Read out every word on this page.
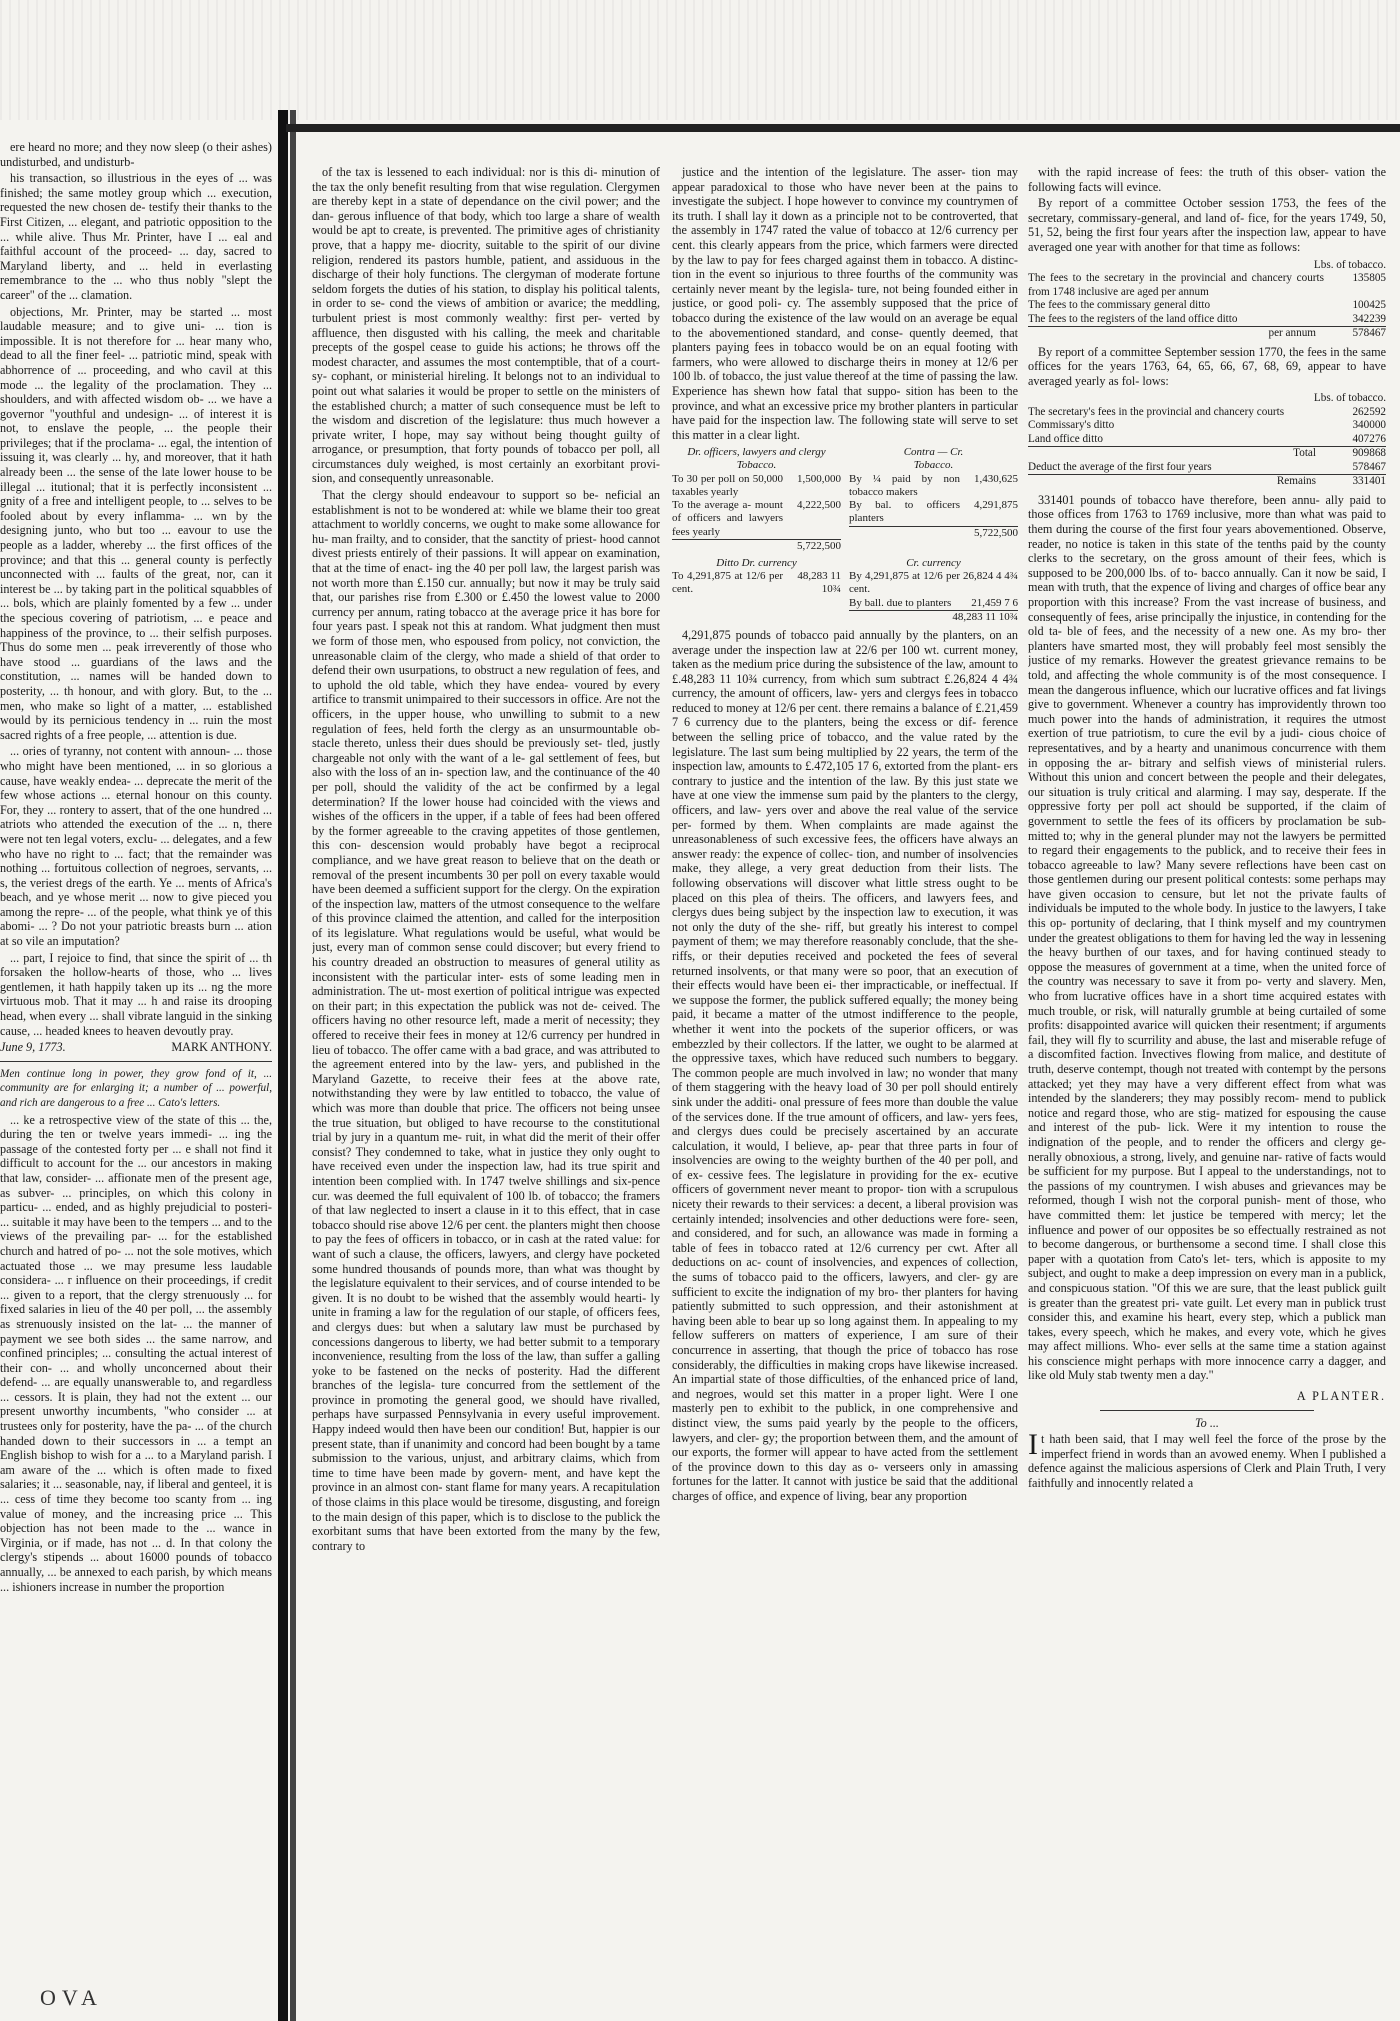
ere heard no more; and they now sleep (o their ashes) undisturbed, and undisturb-

his transaction, so illustrious in the eyes of ... was finished; the same motley group which ... execution, requested the new chosen de- testify their thanks to the First Citizen, ... elegant, and patriotic opposition to the ... while alive. Thus Mr. Printer, have I ... eal and faithful account of the proceed- ... day, sacred to Maryland liberty, and ... held in everlasting remembrance to the ... who thus nobly "slept the career" of the ... clamation.

objections, Mr. Printer, may be started ... most laudable measure; and to give uni- ... tion is impossible. It is not therefore for ... hear many who, dead to all the finer feel- ... patriotic mind, speak with abhorrence of ... proceeding, and who cavil at this mode ... the legality of the proclamation. They ... shoulders, and with affected wisdom ob- ... we have a governor "youthful and undesign- ... of interest it is not, to enslave the people, ... the people their privileges; that if the proclama- ... egal, the intention of issuing it, was clearly ... hy, and moreover, that it hath already been ... the sense of the late lower house to be illegal ... itutional; that it is perfectly inconsistent ... gnity of a free and intelligent people, to ... selves to be fooled about by every inflamma- ... wn by the designing junto, who but too ... eavour to use the people as a ladder, whereby ... the first offices of the province; and that this ... general county is perfectly unconnected with ... faults of the great, nor, can it interest be ... by taking part in the political squabbles of ... bols, which are plainly fomented by a few ... under the specious covering of patriotism, ... e peace and happiness of the province, to ... their selfish purposes. Thus do some men ... peak irreverently of those who have stood ... guardians of the laws and the constitution, ... names will be handed down to posterity, ... th honour, and with glory. But, to the ... men, who make so light of a matter, ... established would by its pernicious tendency in ... ruin the most sacred rights of a free people, ... attention is due.

... ories of tyranny, not content with announ- ... those who might have been mentioned, ... in so glorious a cause, have weakly endea- ... deprecate the merit of the few whose actions ... eternal honour on this county. For, they ... rontery to assert, that of the one hundred ... atriots who attended the execution of the ... n, there were not ten legal voters, exclu- ... delegates, and a few who have no right to ... fact; that the remainder was nothing ... fortuitous collection of negroes, servants, ... s, the veriest dregs of the earth. Ye ... ments of Africa's beach, and ye whose merit ... now to give pieced you among the repre- ... of the people, what think ye of this abomi- ... ? Do not your patriotic breasts burn ... ation at so vile an imputation?

... part, I rejoice to find, that since the spirit of ... th forsaken the hollow-hearts of those, who ... lives gentlemen, it hath happily taken up its ... ng the more virtuous mob. That it may ... h and raise its drooping head, when every ... shall vibrate languid in the sinking cause, ... headed knees to heaven devoutly pray.

June 9, 1773.	MARK ANTHONY.

Men continue long in power, they grow fond of it, ... community are for enlarging it; a number of ... powerful, and rich are dangerous to a free ... Cato's letters.

... ke a retrospective view of the state of this ... the, during the ten or twelve years immedi- ... ing the passage of the contested forty per ... e shall not find it difficult to account for the ... our ancestors in making that law, consider- ... affionate men of the present age, as subver- ... principles, on which this colony in particu- ... ended, and as highly prejudicial to posteri- ... suitable it may have been to the tempers ... and to the views of the prevailing par- ... for the established church and hatred of po- ... not the sole motives, which actuated those ... we may presume less laudable considera- ... r influence on their proceedings, if credit ... given to a report, that the clergy strenuously ... for fixed salaries in lieu of the 40 per poll, ... the assembly as strenuously insisted on the lat- ... the manner of payment we see both sides ... the same narrow, and confined principles; ... consulting the actual interest of their con- ... and wholly unconcerned about their defend- ... are equally unanswerable to, and regardless ... cessors. It is plain, they had not the extent ... our present unworthy incumbents, "who consider ... at trustees only for posterity, have the pa- ... of the church handed down to their successors in ... a tempt an English bishop to wish for a ... to a Maryland parish. I am aware of the ... which is often made to fixed salaries; it ... seasonable, nay, if liberal and genteel, it is ... cess of time they become too scanty from ... ing value of money, and the increasing price ... This objection has not been made to the ... wance in Virginia, or if made, has not ... d. In that colony the clergy's stipends ... about 16000 pounds of tobacco annually, ... be annexed to each parish, by which means ... ishioners increase in number the proportion

of the tax is lessened to each individual: nor is this di- minution of the tax the only benefit resulting from that wise regulation. Clergymen are thereby kept in a state of dependance on the civil power; and the dan- gerous influence of that body, which too large a share of wealth would be apt to create, is prevented. The primitive ages of christianity prove, that a happy me- diocrity, suitable to the spirit of our divine religion, rendered its pastors humble, patient, and assiduous in the discharge of their holy functions. The clergyman of moderate fortune seldom forgets the duties of his station, to display his political talents, in order to se- cond the views of ambition or avarice; the meddling, turbulent priest is most commonly wealthy: first per- verted by affluence, then disgusted with his calling, the meek and charitable precepts of the gospel cease to guide his actions; he throws off the modest character, and assumes the most contemptible, that of a court-sy- cophant, or ministerial hireling. It belongs not to an individual to point out what salaries it would be proper to settle on the ministers of the established church; a matter of such consequence must be left to the wisdom and discretion of the legislature: thus much however a private writer, I hope, may say without being thought guilty of arrogance, or presumption, that forty pounds of tobacco per poll, all circumstances duly weighed, is most certainly an exorbitant provi- sion, and consequently unreasonable.

That the clergy should endeavour to support so be- neficial an establishment is not to be wondered at: while we blame their too great attachment to worldly concerns, we ought to make some allowance for hu- man frailty, and to consider, that the sanctity of priest- hood cannot divest priests entirely of their passions. It will appear on examination, that at the time of enact- ing the 40 per poll law, the largest parish was not worth more than £.150 cur. annually; but now it may be truly said that, our parishes rise from £.300 or £.450 the lowest value to 2000 currency per annum, rating tobacco at the average price it has bore for four years past. I speak not this at random. What judgment then must we form of those men, who espoused from policy, not conviction, the unreasonable claim of the clergy, who made a shield of that order to defend their own usurpations, to obstruct a new regulation of fees, and to uphold the old table, which they have endea- voured by every artifice to transmit unimpaired to their successors in office. Are not the officers, in the upper house, who unwilling to submit to a new regulation of fees, held forth the clergy as an unsurmountable ob- stacle thereto, unless their dues should be previously set- tled, justly chargeable not only with the want of a le- gal settlement of fees, but also with the loss of an in- spection law, and the continuance of the 40 per poll, should the validity of the act be confirmed by a legal determination? If the lower house had coincided with the views and wishes of the officers in the upper, if a table of fees had been offered by the former agreeable to the craving appetites of those gentlemen, this con- descension would probably have begot a reciprocal compliance, and we have great reason to believe that on the death or removal of the present incumbents 30 per poll on every taxable would have been deemed a sufficient support for the clergy. On the expiration of the inspection law, matters of the utmost consequence to the welfare of this province claimed the attention, and called for the interposition of its legislature. What regulations would be useful, what would be just, every man of common sense could discover; but every friend to his country dreaded an obstruction to measures of general utility as inconsistent with the particular inter- ests of some leading men in administration. The ut- most exertion of political intrigue was expected on their part; in this expectation the publick was not de- ceived. The officers having no other resource left, made a merit of necessity; they offered to receive their fees in money at 12/6 currency per hundred in lieu of tobacco. The offer came with a bad grace, and was attributed to the agreement entered into by the law- yers, and published in the Maryland Gazette, to receive their fees at the above rate, notwithstanding they were by law entitled to tobacco, the value of which was more than double that price. The officers not being unsee the true situation, but obliged to have recourse to the constitutional trial by jury in a quantum me- ruit, in what did the merit of their offer consist? They condemned to take, what in justice they only ought to have received even under the inspection law, had its true spirit and intention been complied with. In 1747 twelve shillings and six-pence cur. was deemed the full equivalent of 100 lb. of tobacco; the framers of that law neglected to insert a clause in it to this effect, that in case tobacco should rise above 12/6 per cent. the planters might then choose to pay the fees of officers in tobacco, or in cash at the rated value: for want of such a clause, the officers, lawyers, and clergy have pocketed some hundred thousands of pounds more, than what was thought by the legislature equivalent to their services, and of course intended to be given. It is no doubt to be wished that the assembly would hearti- ly unite in framing a law for the regulation of our staple, of officers fees, and clergys dues: but when a salutary law must be purchased by concessions dangerous to liberty, we had better submit to a temporary inconvenience, resulting from the loss of the law, than suffer a galling yoke to be fastened on the necks of posterity. Had the different branches of the legisla- ture concurred from the settlement of the province in promoting the general good, we should have rivalled, perhaps have surpassed Pennsylvania in every useful improvement. Happy indeed would then have been our condition! But, happier is our present state, than if unanimity and concord had been bought by a tame submission to the various, unjust, and arbitrary claims, which from time to time have been made by govern- ment, and have kept the province in an almost con- stant flame for many years. A recapitulation of those claims in this place would be tiresome, disgusting, and foreign to the main design of this paper, which is to disclose to the publick the exorbitant sums that have been extorted from the many by the few, contrary to

justice and the intention of the legislature. The asser- tion may appear paradoxical to those who have never been at the pains to investigate the subject. I hope however to convince my countrymen of its truth. I shall lay it down as a principle not to be controverted, that the assembly in 1747 rated the value of tobacco at 12/6 currency per cent. this clearly appears from the price, which farmers were directed by the law to pay for fees charged against them in tobacco. A distinc- tion in the event so injurious to three fourths of the community was certainly never meant by the legisla- ture, not being founded either in justice, or good poli- cy. The assembly supposed that the price of tobacco during the existence of the law would on an average be equal to the abovementioned standard, and conse- quently deemed, that planters paying fees in tobacco would be on an equal footing with farmers, who were allowed to discharge theirs in money at 12/6 per 100 lb. of tobacco, the just value thereof at the time of passing the law. Experience has shewn how fatal that suppo- sition has been to the province, and what an excessive price my brother planters in particular have paid for the inspection law. The following state will serve to set this matter in a clear light.

Dr. officers, lawyers and clergy
Tobacco.
To 30 per poll on 50,000 taxables yearly
1,500,000
To the average a- mount of officers and lawyers fees yearly
4,222,500
5,722,500
Contra — Cr.
Tobacco.
By ¼ paid by non tobacco makers
1,430,625
By bal. to officers planters
4,291,875
5,722,500
Ditto Dr. currency
To 4,291,875 at 12/6 per cent.
48,283 11 10¾
Cr. currency
By 4,291,875 at 12/6 per cent.
26,824 4 4¾
By ball. due to planters	21,459 7 6
48,283 11 10¾

4,291,875 pounds of tobacco paid annually by the planters, on an average under the inspection law at 22/6 per 100 wt. current money, taken as the medium price during the subsistence of the law, amount to £.48,283 11 10¾ currency, from which sum subtract £.26,824 4 4¾ currency, the amount of officers, law- yers and clergys fees in tobacco reduced to money at 12/6 per cent. there remains a balance of £.21,459 7 6 currency due to the planters, being the excess or dif- ference between the selling price of tobacco, and the value rated by the legislature. The last sum being multiplied by 22 years, the term of the inspection law, amounts to £.472,105 17 6, extorted from the plant- ers contrary to justice and the intention of the law. By this just state we have at one view the immense sum paid by the planters to the clergy, officers, and law- yers over and above the real value of the service per- formed by them. When complaints are made against the unreasonableness of such excessive fees, the officers have always an answer ready: the expence of collec- tion, and number of insolvencies make, they allege, a very great deduction from their lists. The following observations will discover what little stress ought to be placed on this plea of theirs. The officers, and lawyers fees, and clergys dues being subject by the inspection law to execution, it was not only the duty of the she- riff, but greatly his interest to compel payment of them; we may therefore reasonably conclude, that the she- riffs, or their deputies received and pocketed the fees of several returned insolvents, or that many were so poor, that an execution of their effects would have been ei- ther impracticable, or ineffectual. If we suppose the former, the publick suffered equally; the money being paid, it became a matter of the utmost indifference to the people, whether it went into the pockets of the superior officers, or was embezzled by their collectors. If the latter, we ought to be alarmed at the oppressive taxes, which have reduced such numbers to beggary. The common people are much involved in law; no wonder that many of them staggering with the heavy load of 30 per poll should entirely sink under the additi- onal pressure of fees more than double the value of the services done. If the true amount of officers, and law- yers fees, and clergys dues could be precisely ascertained by an accurate calculation, it would, I believe, ap- pear that three parts in four of insolvencies are owing to the weighty burthen of the 40 per poll, and of ex- cessive fees. The legislature in providing for the ex- ecutive officers of government never meant to propor- tion with a scrupulous nicety their rewards to their services: a decent, a liberal provision was certainly intended; insolvencies and other deductions were fore- seen, and considered, and for such, an allowance was made in forming a table of fees in tobacco rated at 12/6 currency per cwt. After all deductions on ac- count of insolvencies, and expences of collection, the sums of tobacco paid to the officers, lawyers, and cler- gy are sufficient to excite the indignation of my bro- ther planters for having patiently submitted to such oppression, and their astonishment at having been able to bear up so long against them. In appealing to my fellow sufferers on matters of experience, I am sure of their concurrence in asserting, that though the price of tobacco has rose considerably, the difficulties in making crops have likewise increased. An impartial state of those difficulties, of the enhanced price of land, and negroes, would set this matter in a proper light. Were I one masterly pen to exhibit to the publick, in one comprehensive and distinct view, the sums paid yearly by the people to the officers, lawyers, and cler- gy; the proportion between them, and the amount of our exports, the former will appear to have acted from the settlement of the province down to this day as o- verseers only in amassing fortunes for the latter. It cannot with justice be said that the additional charges of office, and expence of living, bear any proportion

with the rapid increase of fees: the truth of this obser- vation the following facts will evince.

By report of a committee October session 1753, the fees of the secretary, commissary-general, and land of- fice, for the years 1749, 50, 51, 52, being the first four years after the inspection law, appear to have averaged one year with another for that time as follows:

Lbs. of tobacco.
The fees to the secretary in the provincial and chancery courts from 1748 inclusive are aged per annum
135805
The fees to the commissary general ditto	100425
The fees to the registers of the land office ditto	342239
per annum	578467

By report of a committee September session 1770, the fees in the same offices for the years 1763, 64, 65, 66, 67, 68, 69, appear to have averaged yearly as fol- lows:

Lbs. of tobacco.
The secretary's fees in the provincial and chancery courts	262592
Commissary's ditto	340000
Land office ditto	407276
Total	909868
Deduct the average of the first four years	578467
Remains	331401

331401 pounds of tobacco have therefore, been annu- ally paid to those offices from 1763 to 1769 inclusive, more than what was paid to them during the course of the first four years abovementioned. Observe, reader, no notice is taken in this state of the tenths paid by the county clerks to the secretary, on the gross amount of their fees, which is supposed to be 200,000 lbs. of to- bacco annually. Can it now be said, I mean with truth, that the expence of living and charges of office bear any proportion with this increase? From the vast increase of business, and consequently of fees, arise principally the injustice, in contending for the old ta- ble of fees, and the necessity of a new one. As my bro- ther planters have smarted most, they will probably feel most sensibly the justice of my remarks. However the greatest grievance remains to be told, and affecting the whole community is of the most consequence. I mean the dangerous influence, which our lucrative offices and fat livings give to government. Whenever a country has improvidently thrown too much power into the hands of administration, it requires the utmost exertion of true patriotism, to cure the evil by a judi- cious choice of representatives, and by a hearty and unanimous concurrence with them in opposing the ar- bitrary and selfish views of ministerial rulers. Without this union and concert between the people and their delegates, our situation is truly critical and alarming. I may say, desperate. If the oppressive forty per poll act should be supported, if the claim of government to settle the fees of its officers by proclamation be sub- mitted to; why in the general plunder may not the lawyers be permitted to regard their engagements to the publick, and to receive their fees in tobacco agreeable to law? Many severe reflections have been cast on those gentlemen during our present political contests: some perhaps may have given occasion to censure, but let not the private faults of individuals be imputed to the whole body. In justice to the lawyers, I take this op- portunity of declaring, that I think myself and my countrymen under the greatest obligations to them for having led the way in lessening the heavy burthen of our taxes, and for having continued steady to oppose the measures of government at a time, when the united force of the country was necessary to save it from po- verty and slavery. Men, who from lucrative offices have in a short time acquired estates with much trouble, or risk, will naturally grumble at being curtailed of some profits: disappointed avarice will quicken their resentment; if arguments fail, they will fly to scurrility and abuse, the last and miserable refuge of a discomfited faction. Invectives flowing from malice, and destitute of truth, deserve contempt, though not treated with contempt by the persons attacked; yet they may have a very different effect from what was intended by the slanderers; they may possibly recom- mend to publick notice and regard those, who are stig- matized for espousing the cause and interest of the pub- lick. Were it my intention to rouse the indignation of the people, and to render the officers and clergy ge- nerally obnoxious, a strong, lively, and genuine nar- rative of facts would be sufficient for my purpose. But I appeal to the understandings, not to the passions of my countrymen. I wish abuses and grievances may be reformed, though I wish not the corporal punish- ment of those, who have committed them: let justice be tempered with mercy; let the influence and power of our opposites be so effectually restrained as not to become dangerous, or burthensome a second time. I shall close this paper with a quotation from Cato's let- ters, which is apposite to my subject, and ought to make a deep impression on every man in a publick, and conspicuous station. "Of this we are sure, that the least publick guilt is greater than the greatest pri- vate guilt. Let every man in publick trust consider this, and examine his heart, every step, which a publick man takes, every speech, which he makes, and every vote, which he gives may affect millions. Who- ever sells at the same time a station against his conscience might perhaps with more innocence carry a dagger, and like old Muly stab twenty men a day."

A PLANTER.

To ...

It hath been said, that I may well feel the force of the prose by the imperfect friend in words than an avowed enemy. When I published a defence against the malicious aspersions of Clerk and Plain Truth, I very faithfully and innocently related a

OVA
